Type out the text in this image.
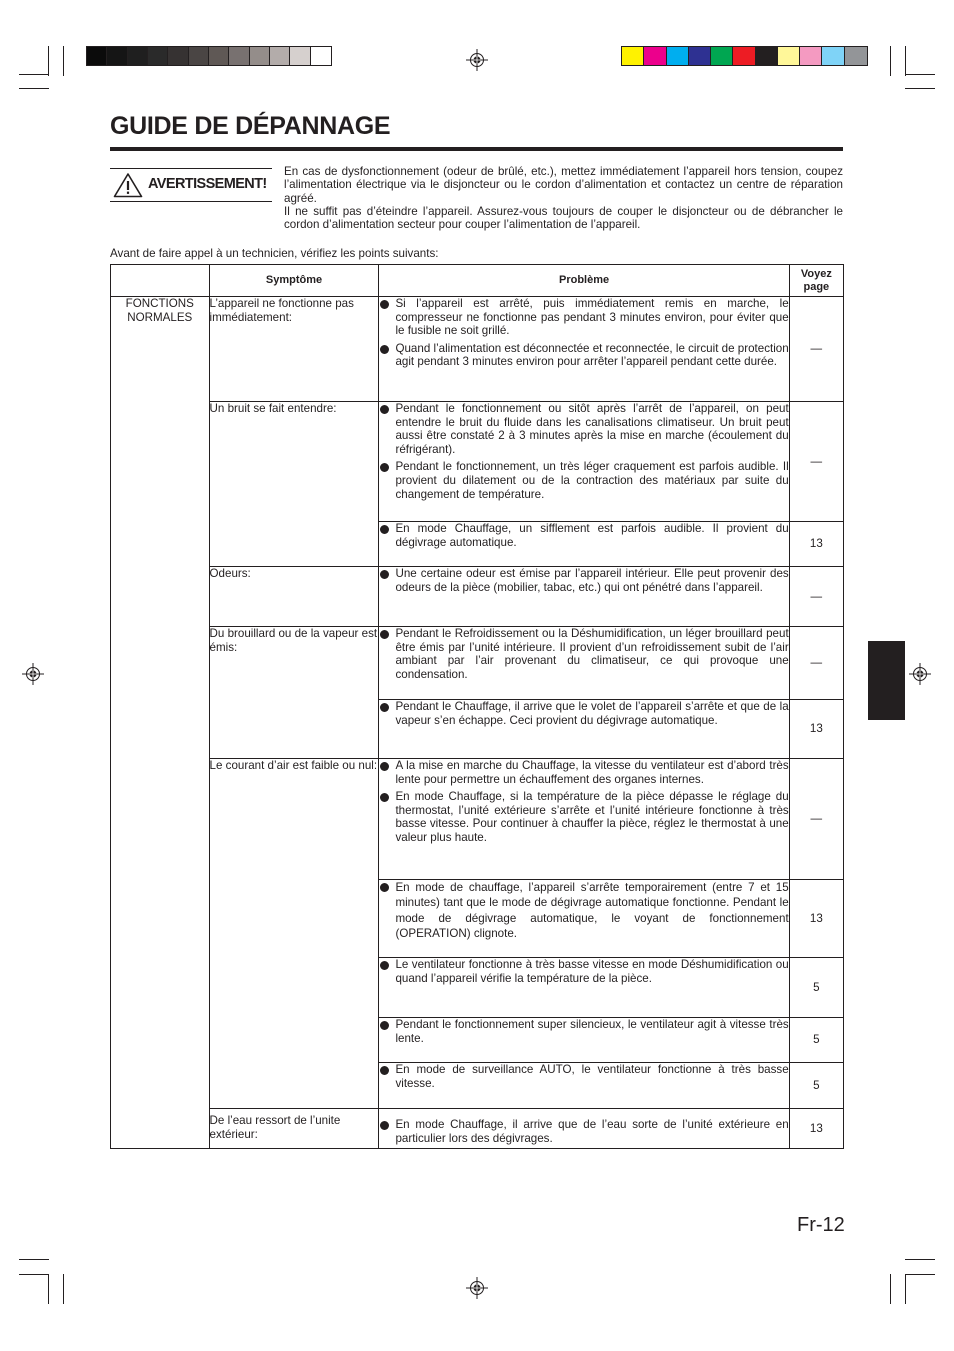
GUIDE DE DÉPANNAGE
AVERTISSEMENT!

En cas de dysfonctionnement (odeur de brûlé, etc.), mettez immédiatement l’appareil hors tension, coupez l’alimentation électrique via le disjoncteur ou le cordon d’alimentation et contactez un centre de réparation agréé.

Il ne suffit pas d’éteindre l’appareil. Assurez-vous toujours de couper le disjoncteur ou de débrancher le cordon d’alimentation secteur pour couper l’alimentation de l’appareil.

Avant de faire appel à un technicien, vérifiez les points suivants:
	Symptôme	Problème	Voyez page
FONCTIONS NORMALES	L’appareil ne fonctionne pas immédiatement:	Si l’appareil est arrêté, puis immédiatement remis en marche, le compresseur ne fonctionne pas pendant 3 minutes environ, pour éviter que le fusible ne soit grillé.

Quand l’alimentation est déconnectée et reconnectée, le circuit de protection agit pendant 3 minutes environ pour arrêter l’appareil pendant cette durée.	—
	Un bruit se fait entendre:	Pendant le fonctionnement ou sitôt après l’arrêt de l’appareil, on peut entendre le bruit du fluide dans les canalisations climatiseur. Un bruit peut aussi être constaté 2 à 3 minutes après la mise en marche (écoulement du réfrigérant).

Pendant le fonctionnement, un très léger craquement est parfois audible. Il provient du dilatement ou de la contraction des matériaux par suite du changement de température.	—

		En mode Chauffage, un sifflement est parfois audible. Il provient du dégivrage automatique.	13
	Odeurs:	Une certaine odeur est émise par l’appareil intérieur. Elle peut provenir des odeurs de la pièce (mobilier, tabac, etc.) qui ont pénétré dans l’appareil.	—
	Du brouillard ou de la vapeur est émis:	Pendant le Refroidissement ou la Déshumidification, un léger brouillard peut être émis par l’unité intérieure. Il provient d’un refroidissement subit de l’air ambiant par l’air provenant du climatiseur, ce qui provoque une condensation.	—

		Pendant le Chauffage, il arrive que le volet de l’appareil s’arrête et que de la vapeur s’en échappe. Ceci provient du dégivrage automatique.	13
	Le courant d’air est faible ou nul:	A la mise en marche du Chauffage, la vitesse du ventilateur est d’abord très lente pour permettre un échauffement des organes internes.

En mode Chauffage, si la température de la pièce dépasse le réglage du thermostat, l’unité extérieure s’arrête et l’unité intérieure fonctionne à très basse vitesse. Pour continuer à chauffer la pièce, réglez le thermostat à une valeur plus haute.	—

		En mode de chauffage, l’appareil s’arrête temporairement (entre 7 et 15 minutes) tant que le mode de dégivrage automatique fonctionne. Pendant le mode de dégivrage automatique, le voyant de fonctionnement (OPERATION) clignote.	13

		Le ventilateur fonctionne à très basse vitesse en mode Déshumidification ou quand l’appareil vérifie la température de la pièce.	5

		Pendant le fonctionnement super silencieux, le ventilateur agit à vitesse très lente.	5

		En mode de surveillance AUTO, le ventilateur fonctionne à très basse vitesse.	5
	De l’eau ressort de l’unite extérieur:	En mode Chauffage, il arrive que de l’eau sorte de l’unité extérieure en particulier lors des dégivrages.	13
Fr-12
